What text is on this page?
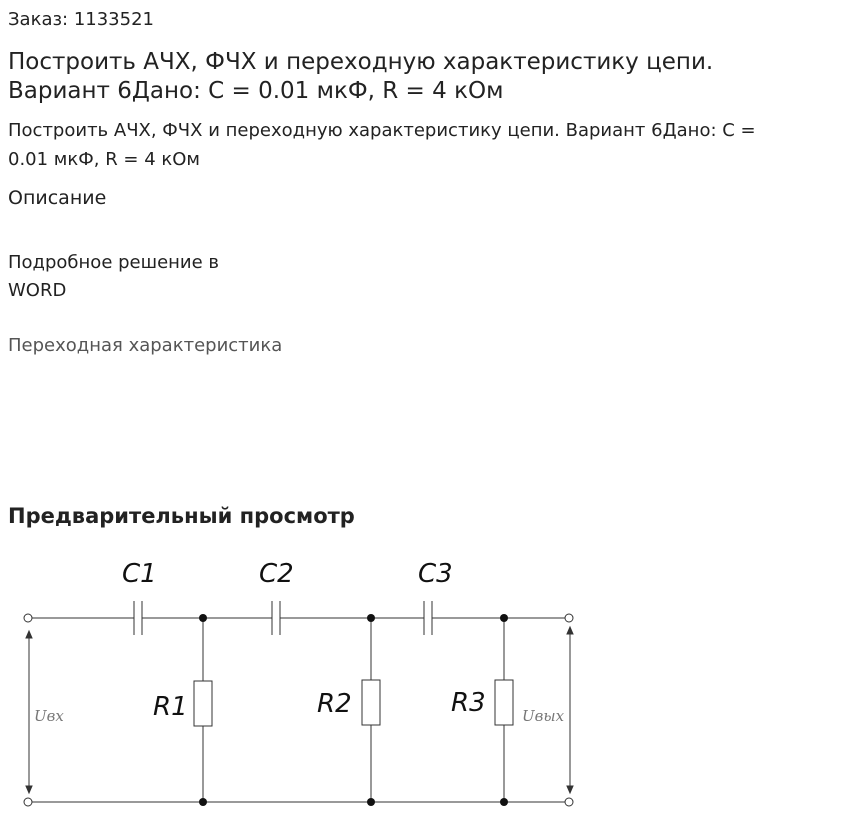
Заказ: 1133521
Построить АЧХ, ФЧХ и переходную характеристику цепи.
Вариант 6Дано: С = 0.01 мкФ, R = 4 кОм
Построить АЧХ, ФЧХ и переходную характеристику цепи. Вариант 6Дано: С =
0.01 мкФ, R = 4 кОм
Описание
Подробное решение в
WORD
Переходная характеристика
Предварительный просмотр
C1	C2	C3
R1	R2	R3
Uвх	Uвых
